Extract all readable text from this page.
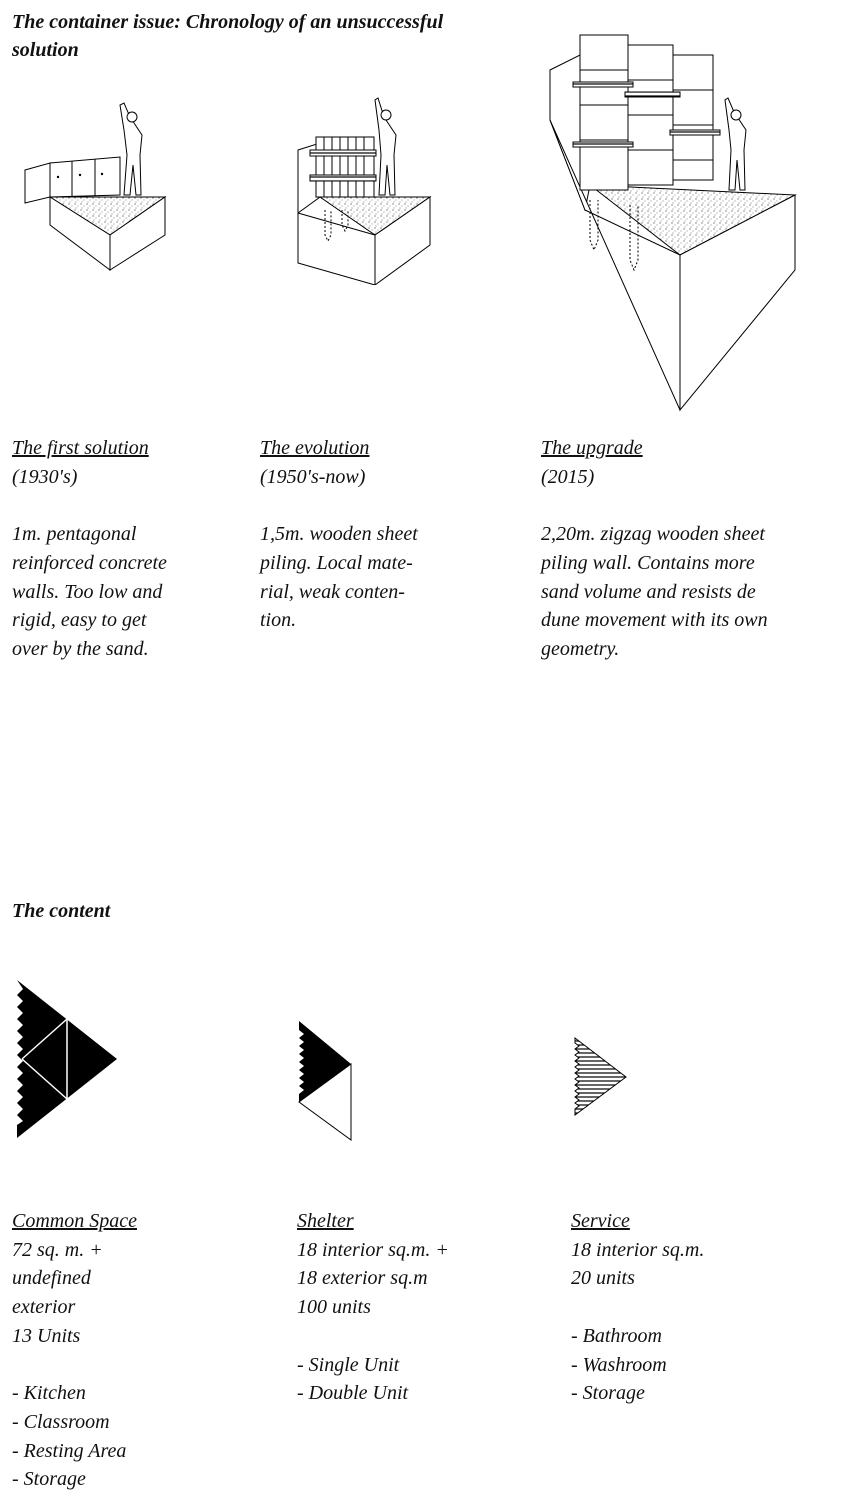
The container issue: Chronology of an unsuccessful
solution
The first solution
(1930's)
1m. pentagonal
reinforced concrete
walls. Too low and
rigid, easy to get
over by the sand.
The evolution
(1950's-now)
1,5m. wooden sheet
piling. Local mate-
rial, weak conten-
tion.
The upgrade
(2015)
2,20m. zigzag wooden sheet
piling wall. Contains more
sand volume and resists de
dune movement with its own
geometry.
The content
Common Space
72 sq. m. +
undefined
exterior
13 Units
- Kitchen
- Classroom
- Resting Area
- Storage
Shelter
18 interior sq.m. +
18 exterior sq.m
100 units
- Single Unit
- Double Unit
Service
18 interior sq.m.
20 units
- Bathroom
- Washroom
- Storage
